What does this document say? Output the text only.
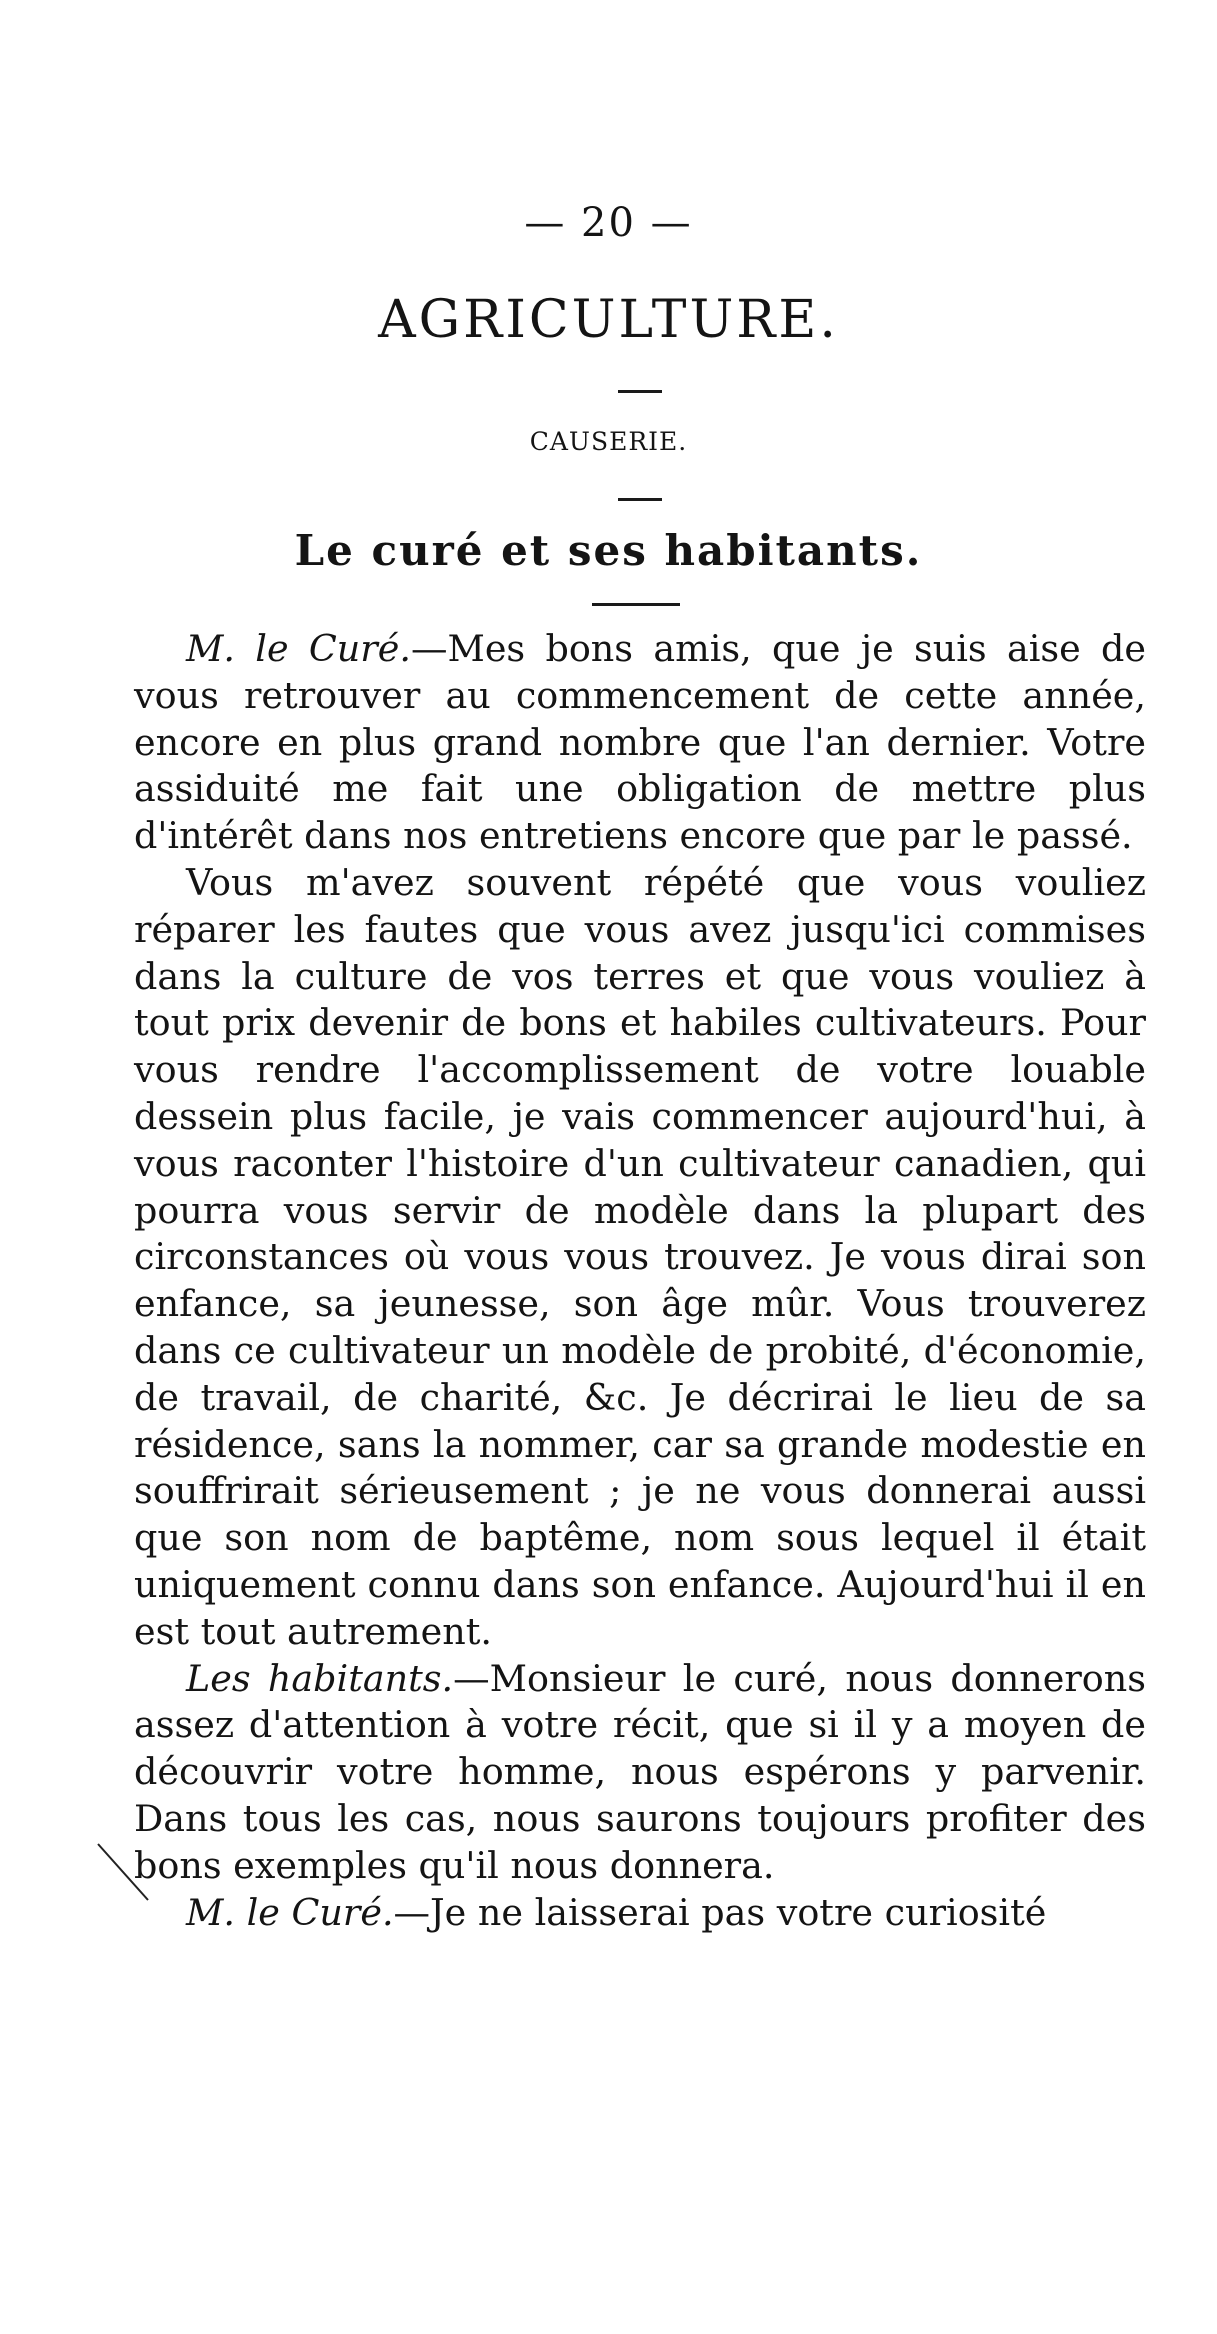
— 20 —
AGRICULTURE.
CAUSERIE.
Le curé et ses habitants.

M. le Curé.—Mes bons amis, que je suis aise de vous retrouver au commencement de cette année, encore en plus grand nombre que l'an dernier. Votre assiduité me fait une obligation de mettre plus d'intérêt dans nos entretiens encore que par le passé.

Vous m'avez souvent répété que vous vouliez réparer les fautes que vous avez jusqu'ici commises dans la culture de vos terres et que vous vouliez à tout prix devenir de bons et habiles cultivateurs. Pour vous rendre l'accomplissement de votre louable dessein plus facile, je vais commencer aujourd'hui, à vous raconter l'histoire d'un cultivateur canadien, qui pourra vous servir de modèle dans la plupart des circonstances où vous vous trouvez. Je vous dirai son enfance, sa jeunesse, son âge mûr. Vous trouverez dans ce cultivateur un modèle de probité, d'économie, de travail, de charité, &c. Je décrirai le lieu de sa résidence, sans la nommer, car sa grande modestie en souffrirait sérieusement ; je ne vous donnerai aussi que son nom de baptême, nom sous lequel il était uniquement connu dans son enfance. Aujourd'hui il en est tout autrement.

Les habitants.—Monsieur le curé, nous donnerons assez d'attention à votre récit, que si il y a moyen de découvrir votre homme, nous espérons y parvenir. Dans tous les cas, nous saurons toujours profiter des bons exemples qu'il nous donnera.

M. le Curé.—Je ne laisserai pas votre curiosité
